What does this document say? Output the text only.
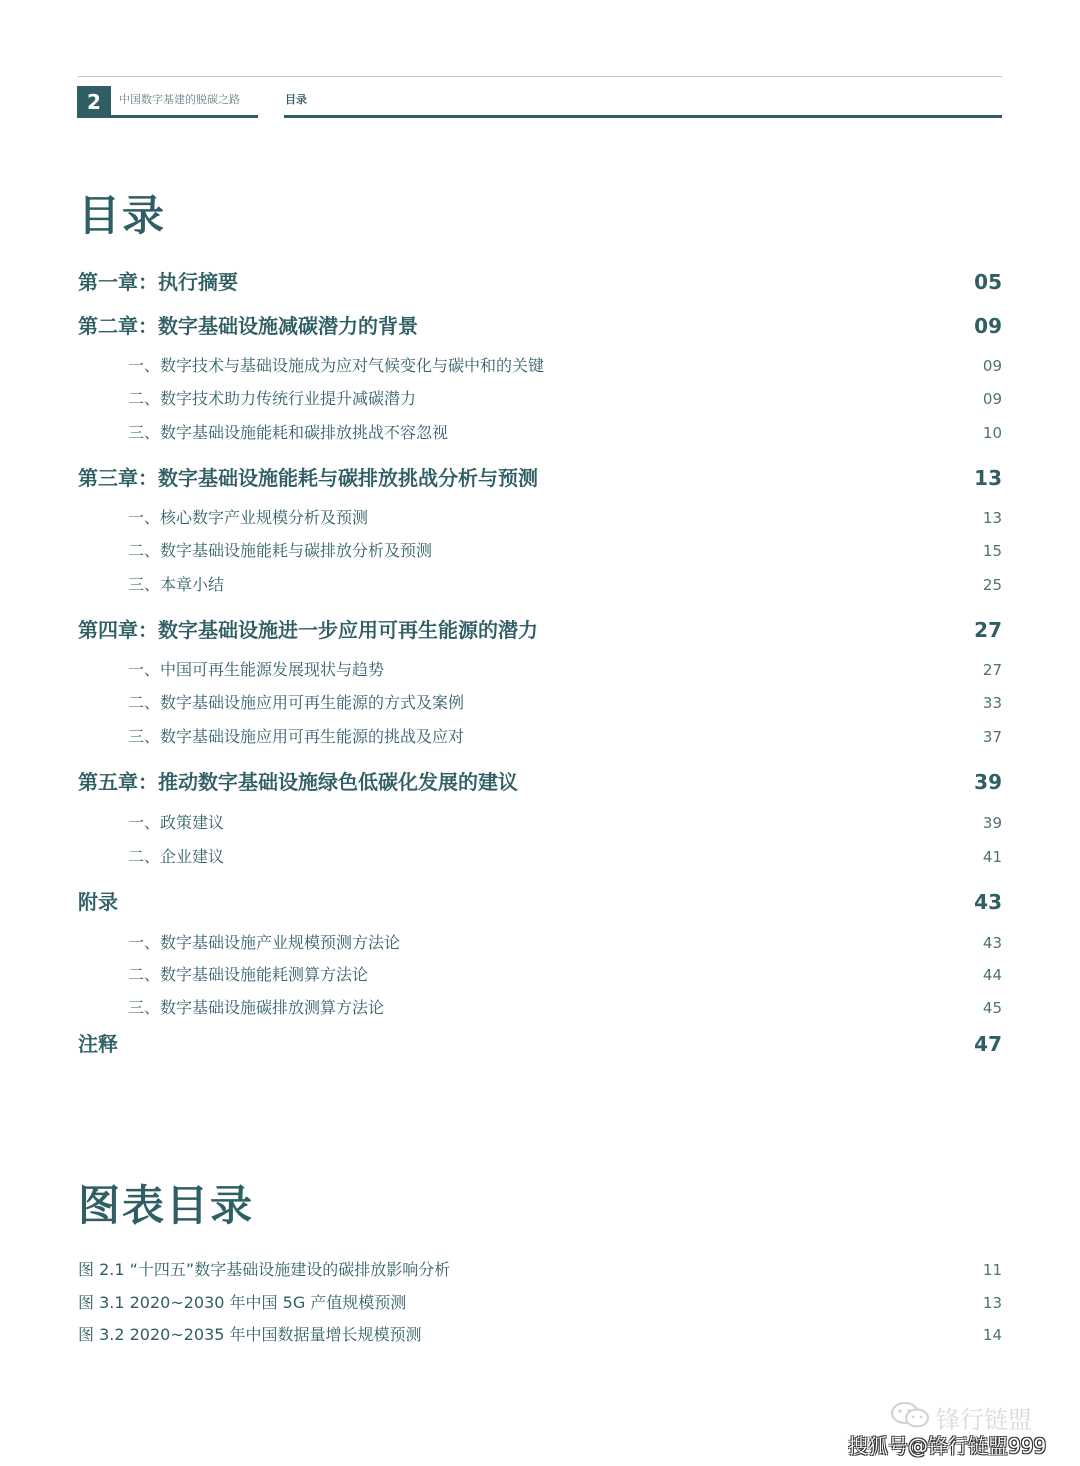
2	中国数字基建的脱碳之路	目录
目录
第一章：执行摘要	05
第二章：数字基础设施减碳潜力的背景	09
一、数字技术与基础设施成为应对气候变化与碳中和的关键	09
二、数字技术助力传统行业提升减碳潜力	09
三、数字基础设施能耗和碳排放挑战不容忽视	10
第三章：数字基础设施能耗与碳排放挑战分析与预测	13
一、核心数字产业规模分析及预测	13
二、数字基础设施能耗与碳排放分析及预测	15
三、本章小结	25
第四章：数字基础设施进一步应用可再生能源的潜力	27
一、中国可再生能源发展现状与趋势	27
二、数字基础设施应用可再生能源的方式及案例	33
三、数字基础设施应用可再生能源的挑战及应对	37
第五章：推动数字基础设施绿色低碳化发展的建议	39
一、政策建议	39
二、企业建议	41
附录	43
一、数字基础设施产业规模预测方法论	43
二、数字基础设施能耗测算方法论	44
三、数字基础设施碳排放测算方法论	45
注释	47
图表目录
图 2.1 “十四五”数字基础设施建设的碳排放影响分析	11
图 3.1 2020~2030 年中国 5G 产值规模预测	13
图 3.2 2020~2035 年中国数据量增长规模预测	14
锋行链盟
搜狐号@锋行链盟999
